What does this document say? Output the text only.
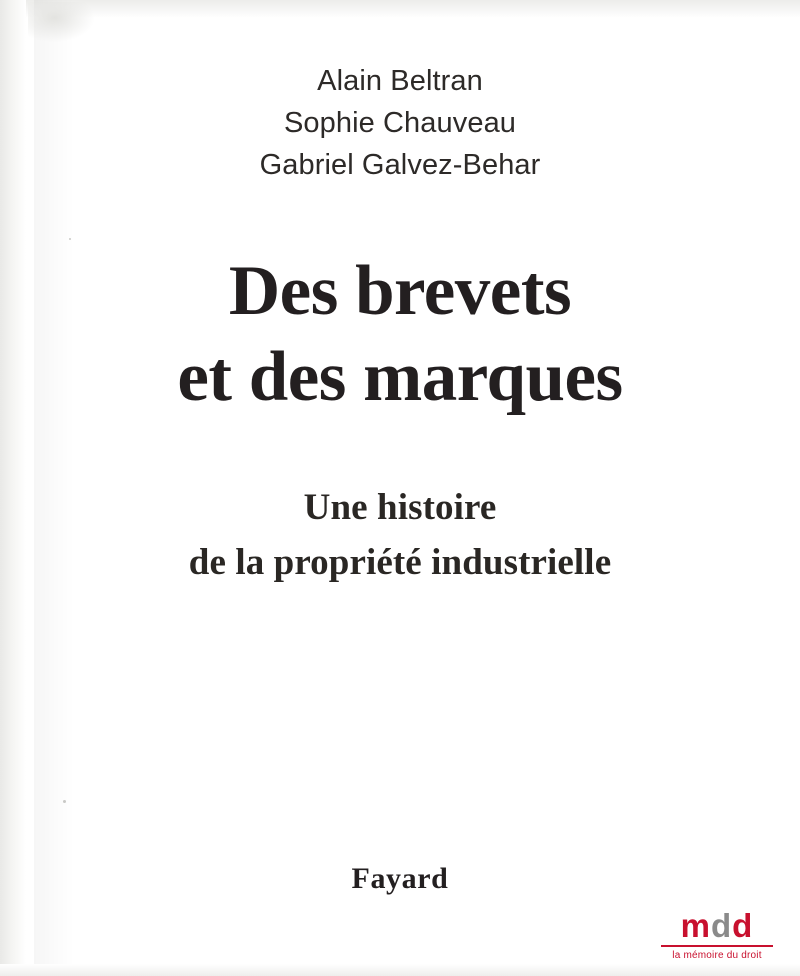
Alain Beltran
Sophie Chauveau
Gabriel Galvez-Behar
Des brevets
et des marques
Une histoire
de la propriété industrielle
Fayard
mdd
la mémoire du droit
